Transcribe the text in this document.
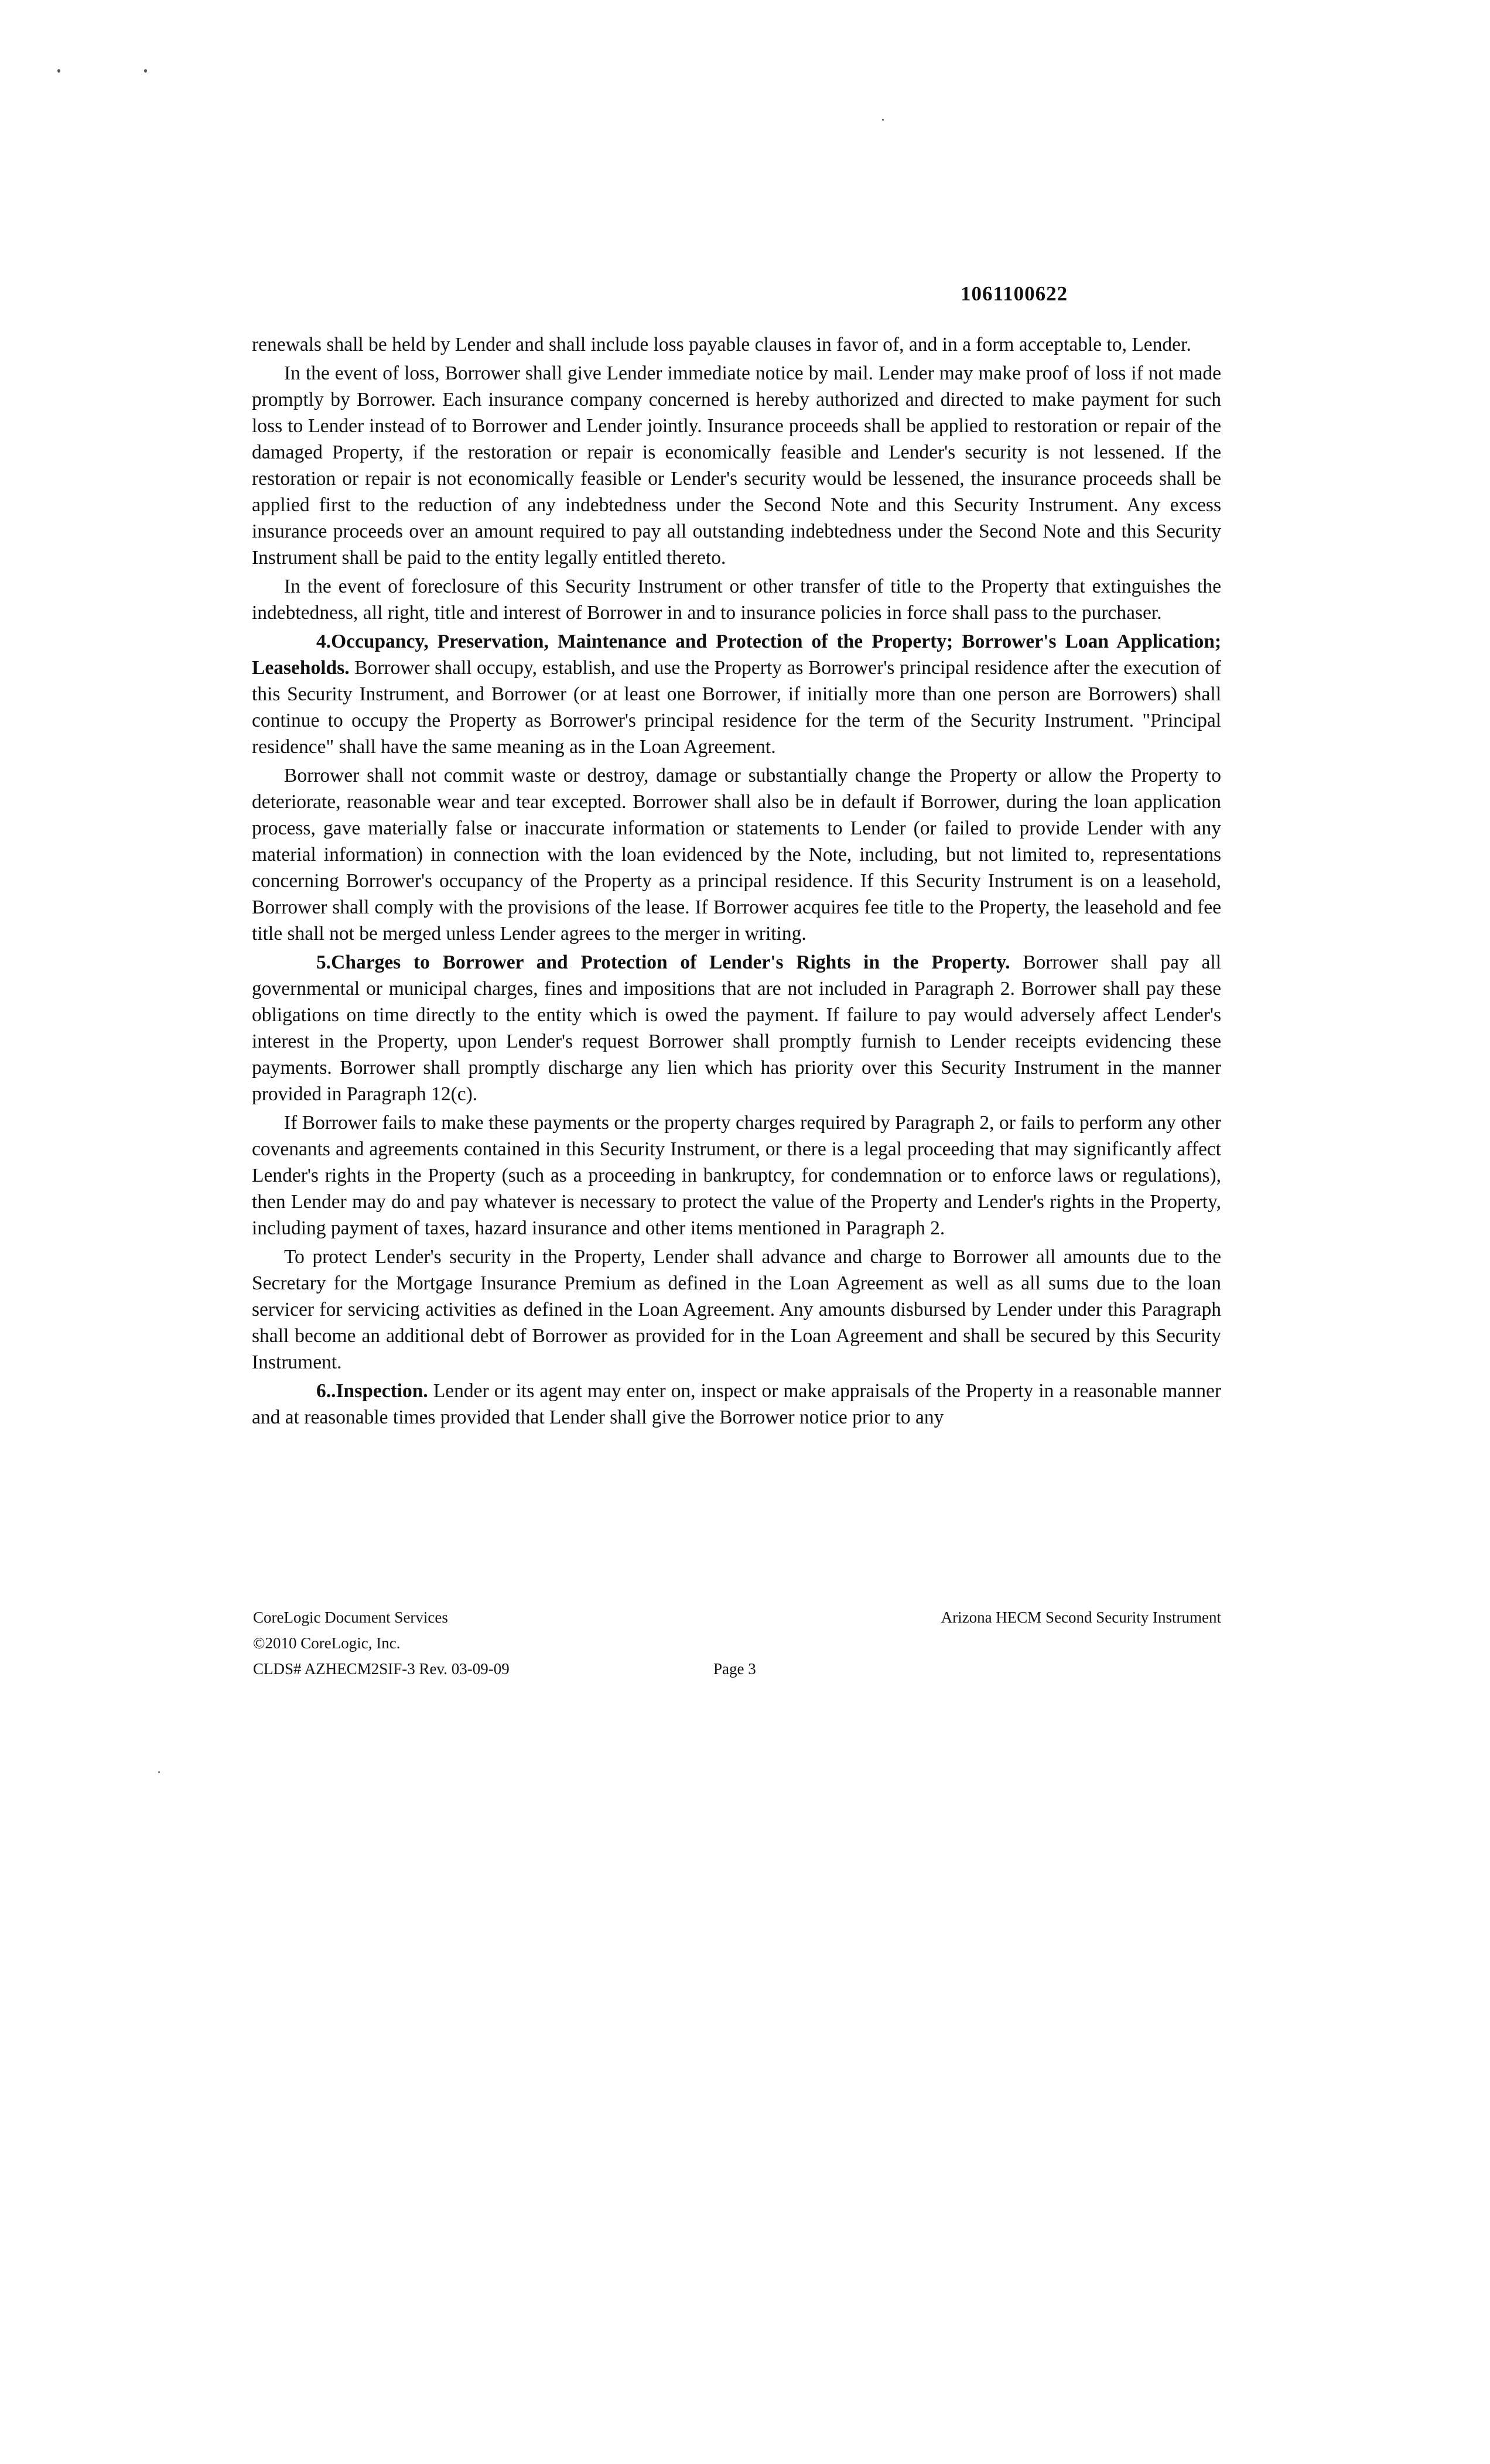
1061100622

renewals shall be held by Lender and shall include loss payable clauses in favor of, and in a form acceptable to, Lender.

In the event of loss, Borrower shall give Lender immediate notice by mail. Lender may make proof of loss if not made promptly by Borrower. Each insurance company concerned is hereby authorized and directed to make payment for such loss to Lender instead of to Borrower and Lender jointly. Insurance proceeds shall be applied to restoration or repair of the damaged Property, if the restoration or repair is economically feasible and Lender's security is not lessened. If the restoration or repair is not economically feasible or Lender's security would be lessened, the insurance proceeds shall be applied first to the reduction of any indebtedness under the Second Note and this Security Instrument. Any excess insurance proceeds over an amount required to pay all outstanding indebtedness under the Second Note and this Security Instrument shall be paid to the entity legally entitled thereto.

In the event of foreclosure of this Security Instrument or other transfer of title to the Property that extinguishes the indebtedness, all right, title and interest of Borrower in and to insurance policies in force shall pass to the purchaser.

4.Occupancy, Preservation, Maintenance and Protection of the Property; Borrower's Loan Application; Leaseholds. Borrower shall occupy, establish, and use the Property as Borrower's principal residence after the execution of this Security Instrument, and Borrower (or at least one Borrower, if initially more than one person are Borrowers) shall continue to occupy the Property as Borrower's principal residence for the term of the Security Instrument. "Principal residence" shall have the same meaning as in the Loan Agreement.

Borrower shall not commit waste or destroy, damage or substantially change the Property or allow the Property to deteriorate, reasonable wear and tear excepted. Borrower shall also be in default if Borrower, during the loan application process, gave materially false or inaccurate information or statements to Lender (or failed to provide Lender with any material information) in connection with the loan evidenced by the Note, including, but not limited to, representations concerning Borrower's occupancy of the Property as a principal residence. If this Security Instrument is on a leasehold, Borrower shall comply with the provisions of the lease. If Borrower acquires fee title to the Property, the leasehold and fee title shall not be merged unless Lender agrees to the merger in writing.

5.Charges to Borrower and Protection of Lender's Rights in the Property. Borrower shall pay all governmental or municipal charges, fines and impositions that are not included in Paragraph 2. Borrower shall pay these obligations on time directly to the entity which is owed the payment. If failure to pay would adversely affect Lender's interest in the Property, upon Lender's request Borrower shall promptly furnish to Lender receipts evidencing these payments. Borrower shall promptly discharge any lien which has priority over this Security Instrument in the manner provided in Paragraph 12(c).

If Borrower fails to make these payments or the property charges required by Paragraph 2, or fails to perform any other covenants and agreements contained in this Security Instrument, or there is a legal proceeding that may significantly affect Lender's rights in the Property (such as a proceeding in bankruptcy, for condemnation or to enforce laws or regulations), then Lender may do and pay whatever is necessary to protect the value of the Property and Lender's rights in the Property, including payment of taxes, hazard insurance and other items mentioned in Paragraph 2.

To protect Lender's security in the Property, Lender shall advance and charge to Borrower all amounts due to the Secretary for the Mortgage Insurance Premium as defined in the Loan Agreement as well as all sums due to the loan servicer for servicing activities as defined in the Loan Agreement. Any amounts disbursed by Lender under this Paragraph shall become an additional debt of Borrower as provided for in the Loan Agreement and shall be secured by this Security Instrument.

6..Inspection. Lender or its agent may enter on, inspect or make appraisals of the Property in a reasonable manner and at reasonable times provided that Lender shall give the Borrower notice prior to any

CoreLogic Document Services
©2010 CoreLogic, Inc.
CLDS# AZHECM2SIF-3 Rev. 03-09-09	Page 3
Arizona HECM Second Security Instrument
